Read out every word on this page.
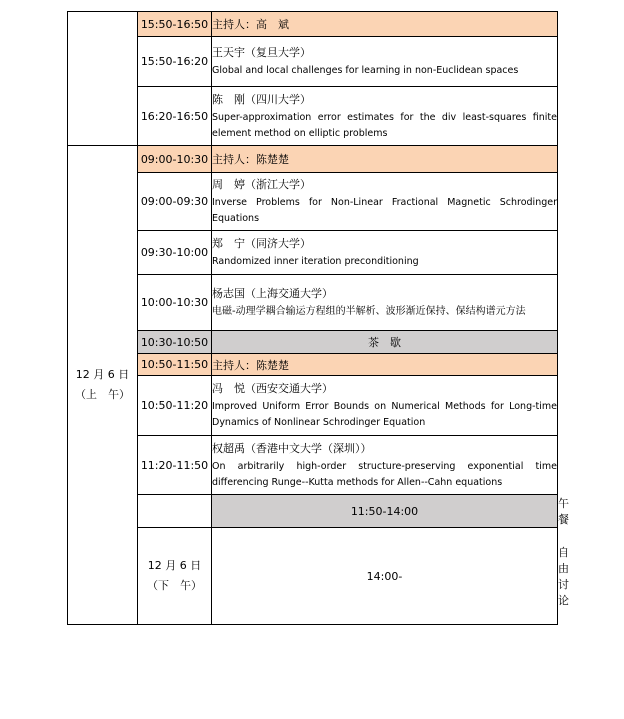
	15:50-16:50	主持人：高　斌	
	15:50-16:20	王天宇（复旦大学）
Global and local challenges for learning in non-Euclidean spaces	

	16:20-16:50	陈　刚（四川大学）
Super-approximation error estimates for the div least-squares finite element method on elliptic problems	

12 月 6 日
（上　午）	09:00-10:30	主持人：陈楚楚	
	09:00-09:30	周　婷（浙江大学）
Inverse Problems for Non-Linear Fractional Magnetic Schrodinger Equations	

	09:30-10:00	郑　宁（同济大学）
Randomized inner iteration preconditioning	

	10:00-10:30	杨志国（上海交通大学）
电磁-动理学耦合输运方程组的半解析、波形渐近保持、保结构谱元方法	

	10:30-10:50	茶　歇	
	10:50-11:50	主持人：陈楚楚	
	10:50-11:20	冯　悦（西安交通大学）
Improved Uniform Error Bounds on Numerical Methods for Long-time Dynamics of Nonlinear Schrodinger Equation	

	11:20-11:50	权超禹（香港中文大学（深圳））
On arbitrarily high-order structure-preserving exponential time differencing Runge--Kutta methods for Allen--Cahn equations	

		11:50-14:00	午　餐

	12 月 6 日
（下　午）	14:00-	自由讨论
